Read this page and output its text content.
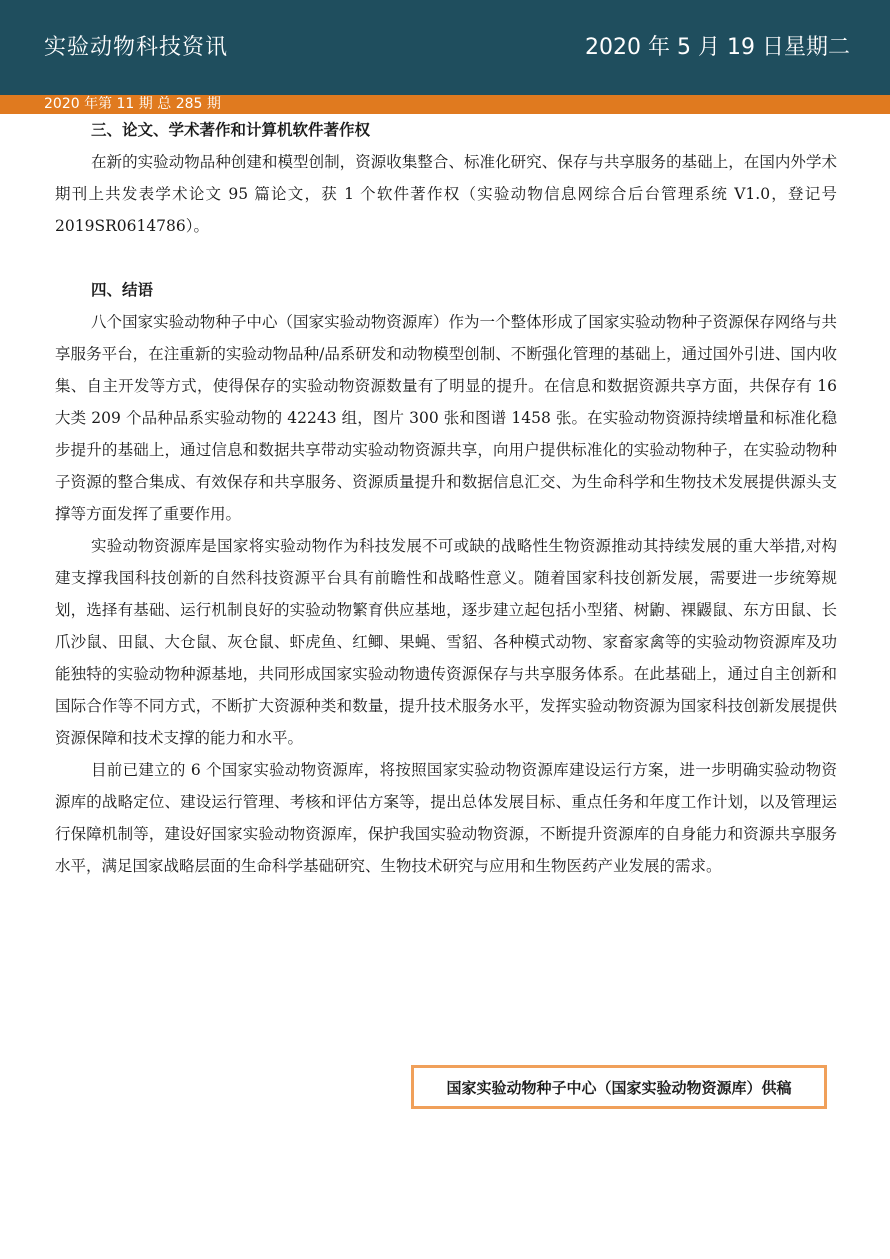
实验动物科技资讯	2020 年 5 月 19 日星期二
2020 年第 11 期 总 285 期

三、论文、学术著作和计算机软件著作权

在新的实验动物品种创建和模型创制，资源收集整合、标准化研究、保存与共享服务的基础上，在国内外学术期刊上共发表学术论文 95 篇论文，获 1 个软件著作权（实验动物信息网综合后台管理系统 V1.0，登记号 2019SR0614786）。

四、结语

八个国家实验动物种子中心（国家实验动物资源库）作为一个整体形成了国家实验动物种子资源保存网络与共享服务平台，在注重新的实验动物品种/品系研发和动物模型创制、不断强化管理的基础上，通过国外引进、国内收集、自主开发等方式，使得保存的实验动物资源数量有了明显的提升。在信息和数据资源共享方面，共保存有 16 大类 209 个品种品系实验动物的 42243 组，图片 300 张和图谱 1458 张。在实验动物资源持续增量和标准化稳步提升的基础上，通过信息和数据共享带动实验动物资源共享，向用户提供标准化的实验动物种子，在实验动物种子资源的整合集成、有效保存和共享服务、资源质量提升和数据信息汇交、为生命科学和生物技术发展提供源头支撑等方面发挥了重要作用。

实验动物资源库是国家将实验动物作为科技发展不可或缺的战略性生物资源推动其持续发展的重大举措,对构建支撑我国科技创新的自然科技资源平台具有前瞻性和战略性意义。随着国家科技创新发展，需要进一步统筹规划，选择有基础、运行机制良好的实验动物繁育供应基地，逐步建立起包括小型猪、树鼩、裸鼹鼠、东方田鼠、长爪沙鼠、田鼠、大仓鼠、灰仓鼠、虾虎鱼、红鲫、果蝇、雪貂、各种模式动物、家畜家禽等的实验动物资源库及功能独特的实验动物种源基地，共同形成国家实验动物遗传资源保存与共享服务体系。在此基础上，通过自主创新和国际合作等不同方式，不断扩大资源种类和数量，提升技术服务水平，发挥实验动物资源为国家科技创新发展提供资源保障和技术支撑的能力和水平。

目前已建立的 6 个国家实验动物资源库，将按照国家实验动物资源库建设运行方案，进一步明确实验动物资源库的战略定位、建设运行管理、考核和评估方案等，提出总体发展目标、重点任务和年度工作计划，以及管理运行保障机制等，建设好国家实验动物资源库，保护我国实验动物资源，不断提升资源库的自身能力和资源共享服务水平，满足国家战略层面的生命科学基础研究、生物技术研究与应用和生物医药产业发展的需求。

国家实验动物种子中心（国家实验动物资源库）供稿
